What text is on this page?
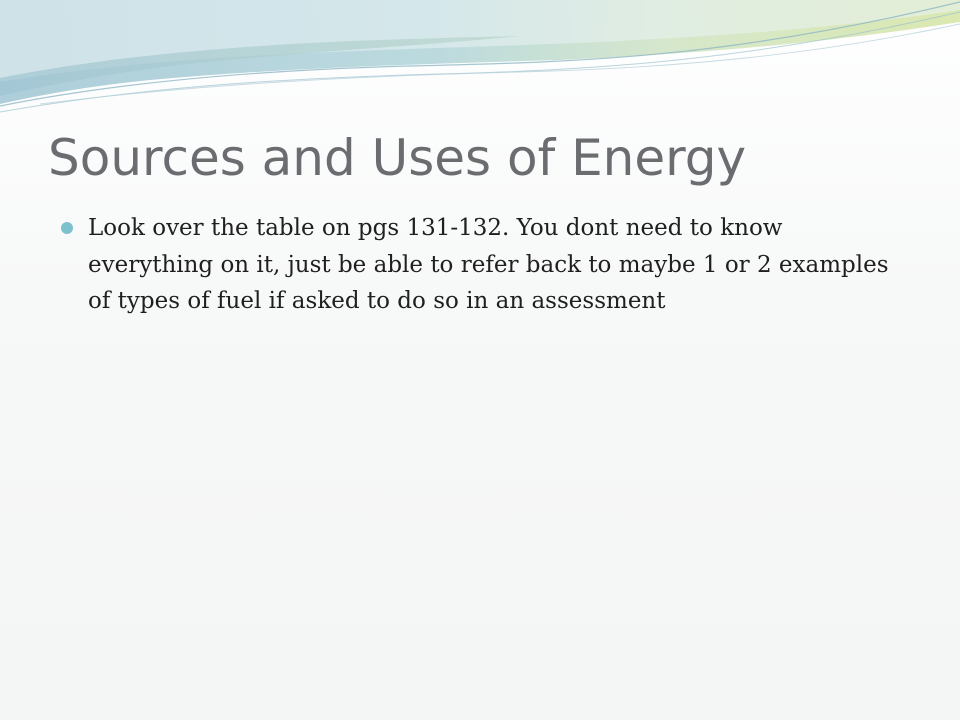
Sources and Uses of Energy
Look over the table on pgs 131-132. You dont need to know everything on it, just be able to refer back to maybe 1 or 2 examples of types of fuel if asked to do so in an assessment
